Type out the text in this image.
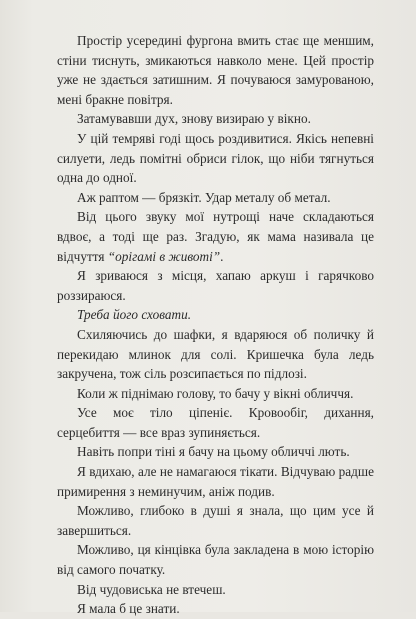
Простір усередині фургона вмить стає ще меншим, стіни тиснуть, змикаються навколо мене. Цей простір уже не здається затишним. Я почуваюся замурованою, мені бракне повітря.

Затамувавши дух, знову визираю у вікно.

У цій темряві годі щось роздивитися. Якісь непевні силуети, ледь помітні обриси гілок, що ніби тягнуться одна до одної.

Аж раптом — брязкіт. Удар металу об метал.

Від цього звуку мої нутрощі наче складаються вдвоє, а тоді ще раз. Згадую, як мама називала це відчуття “орігамі в животі”.

Я зриваюся з місця, хапаю аркуш і гарячково роззираюся.

Треба його сховати.

Схиляючись до шафки, я вдаряюся об поличку й перекидаю млинок для солі. Кришечка була ледь закручена, тож сіль розсипається по підлозі.

Коли ж піднімаю голову, то бачу у вікні обличчя.

Усе моє тіло ціпеніє. Кровообіг, дихання, серцебиття — все враз зупиняється.

Навіть попри тіні я бачу на цьому обличчі лють.

Я вдихаю, але не намагаюся тікати. Відчуваю радше примирення з неминучим, аніж подив.

Можливо, глибоко в душі я знала, що цим усе й завершиться.

Можливо, ця кінцівка була закладена в мою історію від самого початку.

Від чудовиська не втечеш.

Я мала б це знати.
